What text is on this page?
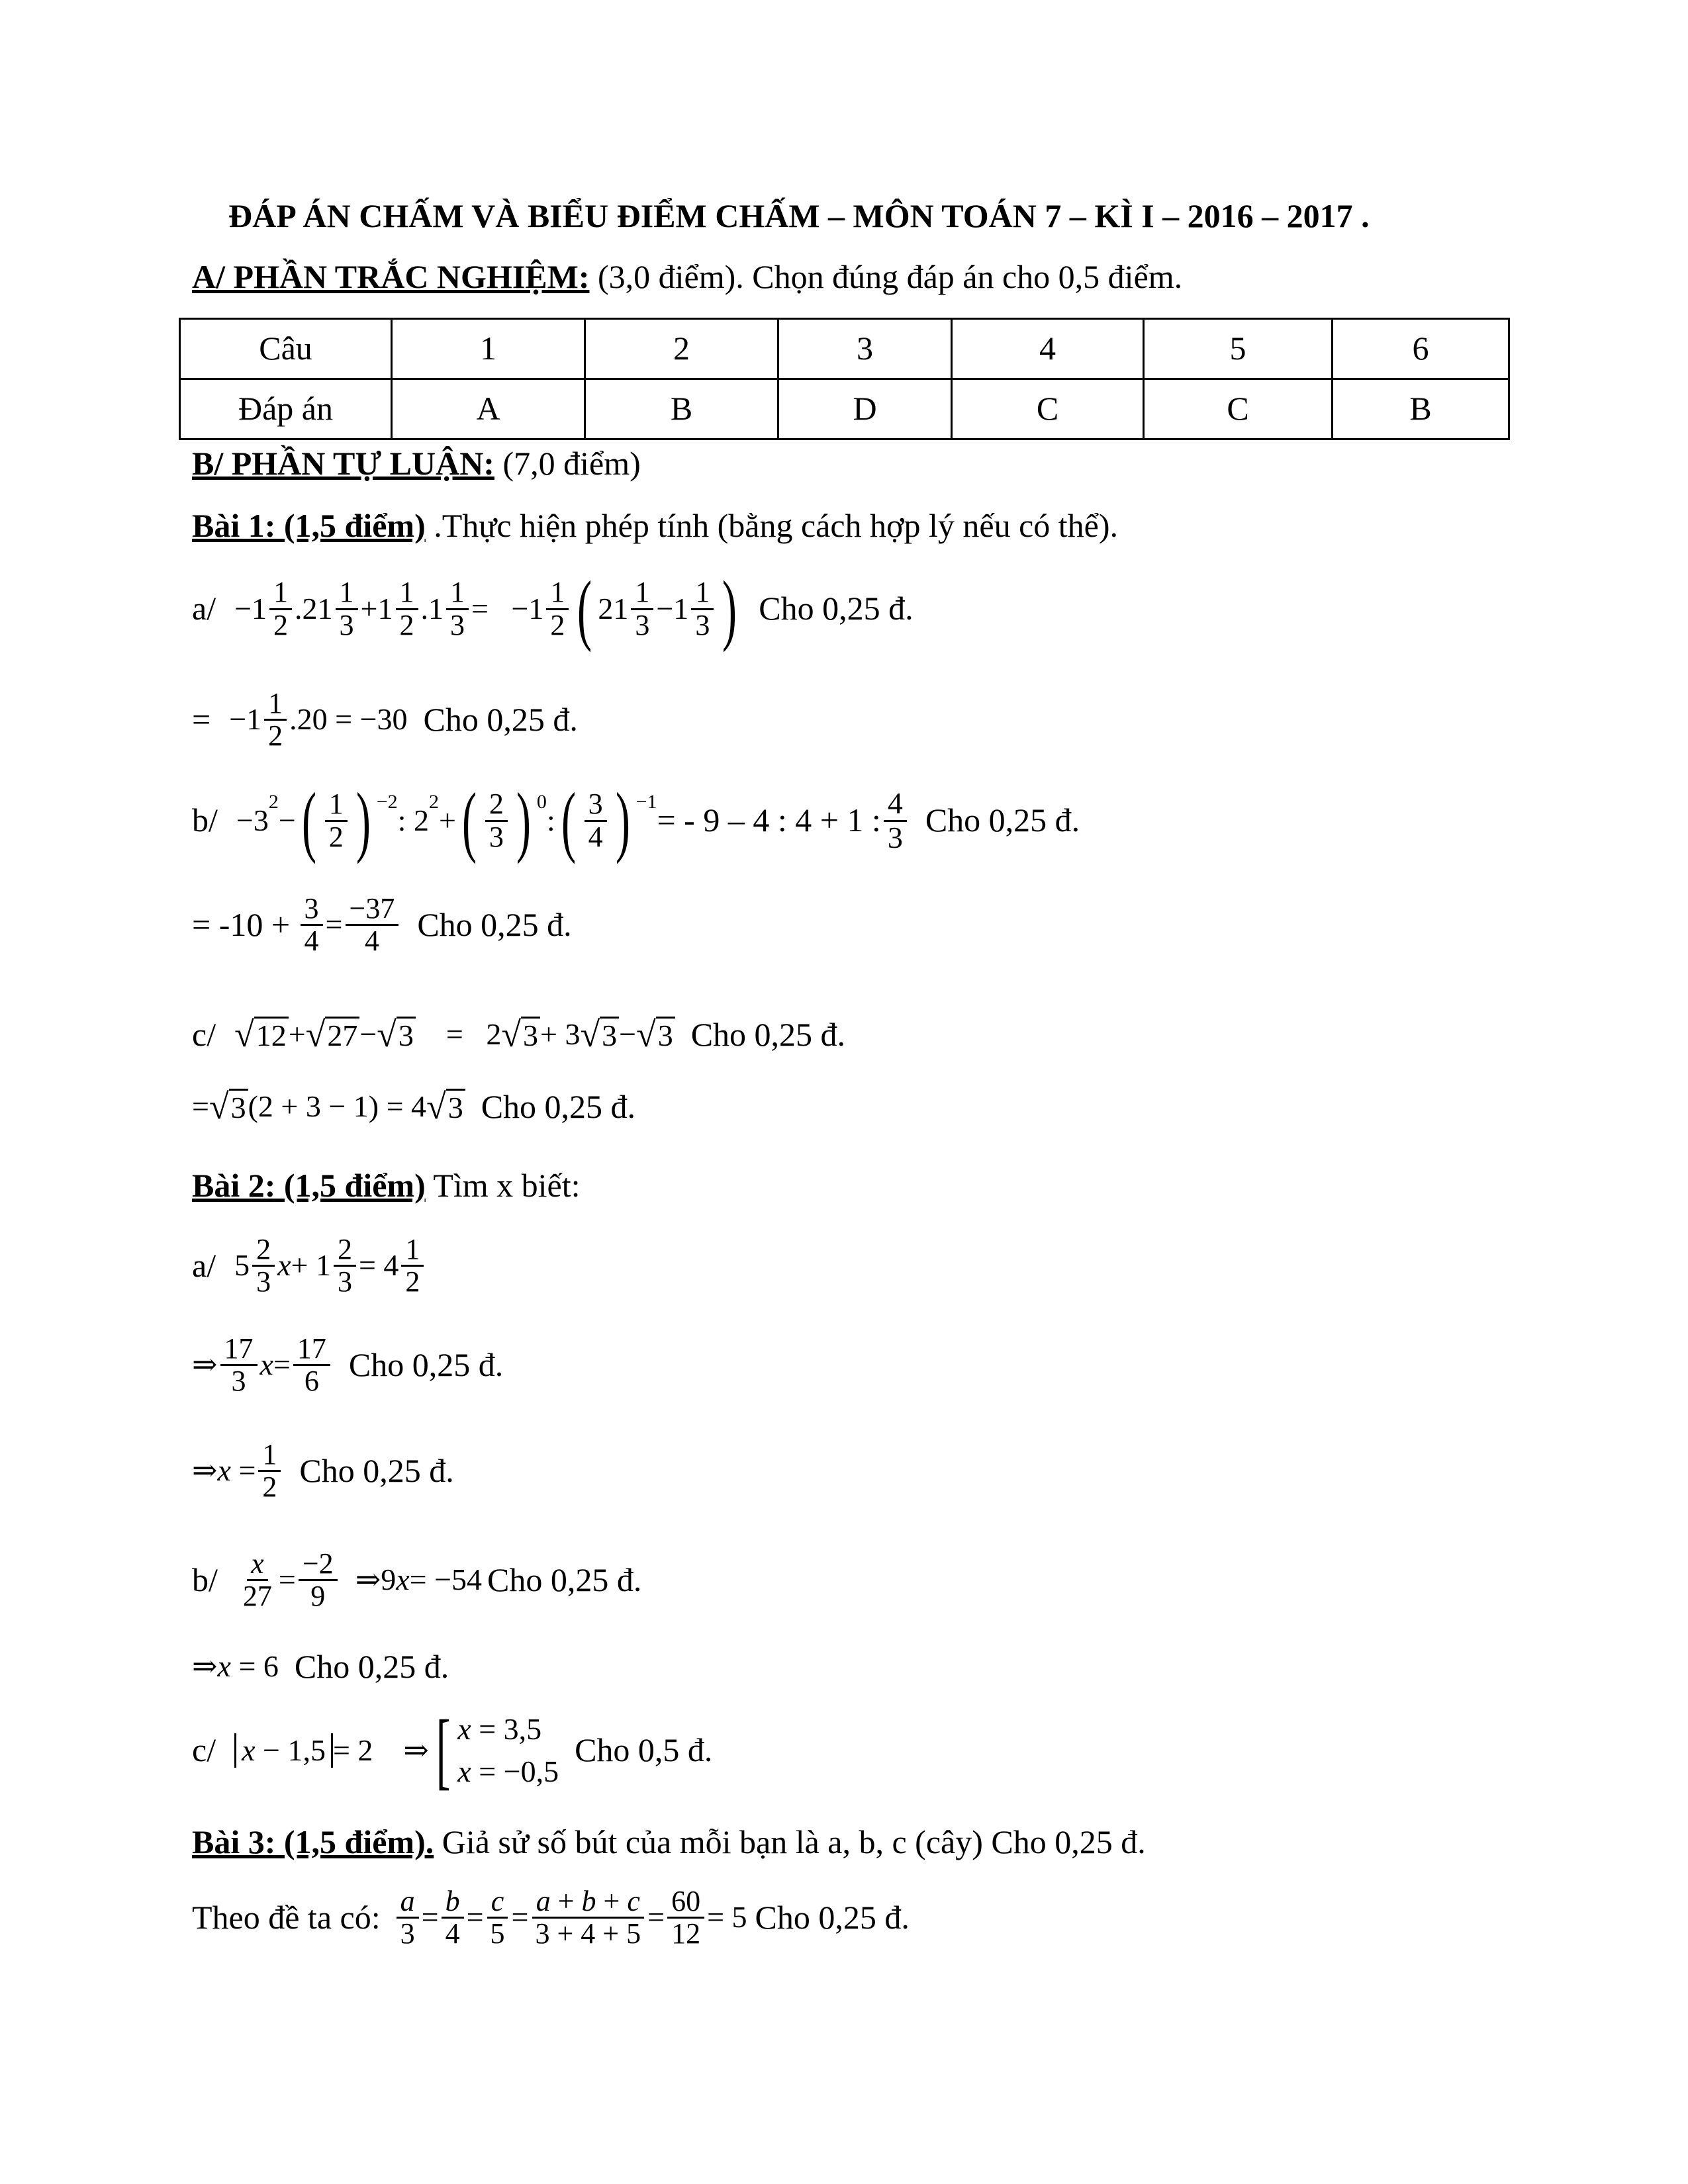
ĐÁP ÁN CHẤM VÀ BIỂU ĐIỂM CHẤM – MÔN TOÁN 7 – KÌ I – 2016 – 2017 .
A/ PHẦN TRẮC NGHIỆM: (3,0 điểm). Chọn đúng đáp án cho 0,5 điểm.
Câu	1	2	3	4	5	6
Đáp án	A	B	D	C	C	B
B/ PHẦN TỰ LUẬN: (7,0 điểm)
Bài 1: (1,5 điểm) .Thực hiện phép tính (bằng cách hợp lý nếu có thể).
a/ −1 1
2 .21 1
3 +1 1
2 .1 1
3 =   −1 1
2 ( 21 1
3 −1 1
3 ) Cho 0,25 đ.
= $-1 \frac{1}{2} .20 = -30$ Cho 0,25 đ.
b/ −3
2
− ( 1
2 ) −2
: 2
2
+ ( 2
3 ) 0
: ( 3
4 ) −1 = - 9 – 4 : 4 + 1 : 4
3 Cho 0,25 đ.
= -10 +
$\frac{3}{4} = -37$
4 Cho 0,25 đ.
c/ √ 12 + √ 27 − √ 3 =   2 √ 3 + 3 √ 3 − √ 3 Cho 0,25 đ.
= √ 3 (2 + 3 − 1) = 4 √ 3 Cho 0,25 đ.
Bài 2: (1,5 điểm) Tìm x biết:
a/ 5 2
3 x + 1 2
3 = 4 1
2
⇒ 17
3 x = 17
6 Cho 0,25 đ.
⇒ x = 1
2 Cho 0,25 đ.
b/ x
27 = −2
9 ⇒9 x = −54 Cho 0,25 đ.
⇒ x = 6 Cho 0,25 đ.
c/ x − 1,5 = 2    ⇒ [ x = 3,5
x = −0,5
Cho 0,5 đ.
Bài 3: (1,5 điểm). Giả sử số bút của mỗi bạn là a, b, c (cây) Cho 0,25 đ.
Theo đề ta có: a
3 = b
4 = c
5 = a + b + c
3 + 4 + 5 = 60
12 = 5 Cho 0,25 đ.
